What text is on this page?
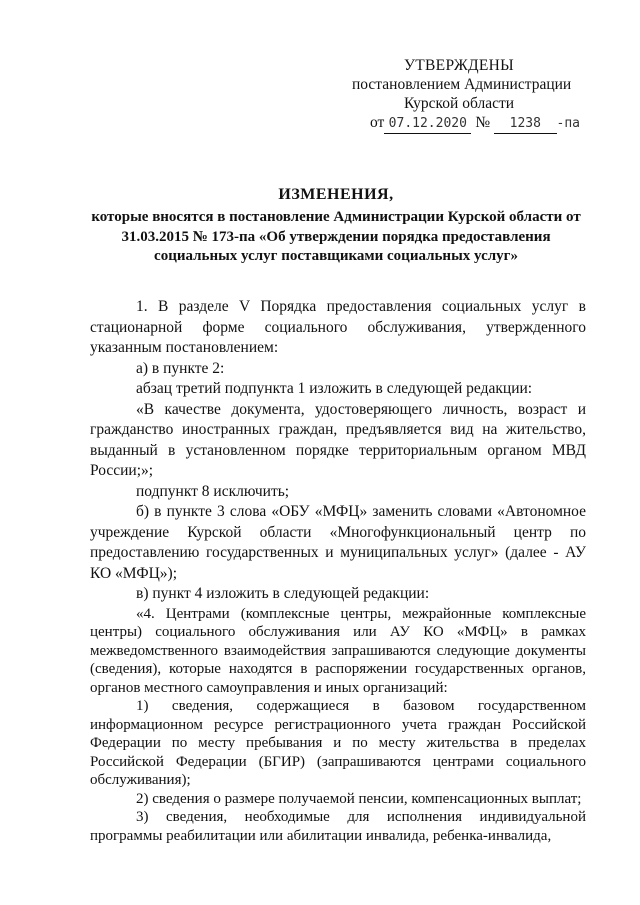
УТВЕРЖДЕНЫ
постановлением Администрации
Курской области
от 07.12.2020 №	1238	-па
ИЗМЕНЕНИЯ,
которые вносятся в постановление Администрации Курской области от 31.03.2015 № 173-па «Об утверждении порядка предоставления социальных услуг поставщиками социальных услуг»

1. В разделе V Порядка предоставления социальных услуг в стационарной форме социального обслуживания, утвержденного указанным постановлением:

а) в пункте 2:

абзац третий подпункта 1 изложить в следующей редакции:

«В качестве документа, удостоверяющего личность, возраст и гражданство иностранных граждан, предъявляется вид на жительство, выданный в установленном порядке территориальным органом МВД России;»;

подпункт 8 исключить;

б) в пункте 3 слова «ОБУ «МФЦ» заменить словами «Автономное учреждение Курской области «Многофункциональный центр по предоставлению государственных и муниципальных услуг» (далее - АУ КО «МФЦ»);

в) пункт 4 изложить в следующей редакции:

«4. Центрами (комплексные центры, межрайонные комплексные центры) социального обслуживания или АУ КО «МФЦ» в рамках межведомственного взаимодействия запрашиваются следующие документы (сведения), которые находятся в распоряжении государственных органов, органов местного самоуправления и иных организаций:

1) сведения, содержащиеся в базовом государственном информационном ресурсе регистрационного учета граждан Российской Федерации по месту пребывания и по месту жительства в пределах Российской Федерации (БГИР) (запрашиваются центрами социального обслуживания);

2) сведения о размере получаемой пенсии, компенсационных выплат;

3) сведения, необходимые для исполнения индивидуальной программы реабилитации или абилитации инвалида, ребенка-инвалида,
